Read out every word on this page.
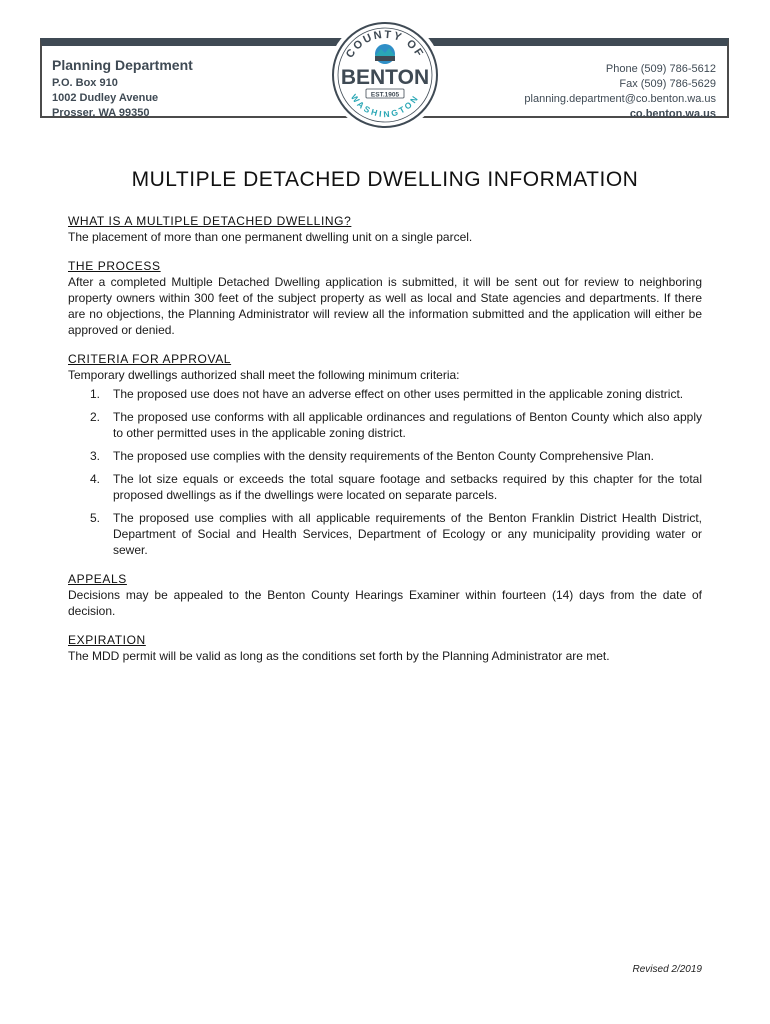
Planning Department
P.O. Box 910
1002 Dudley Avenue
Prosser, WA 99350
Phone (509) 786-5612
Fax (509) 786-5629
planning.department@co.benton.wa.us
co.benton.wa.us
COUNTY OF
BENTON
EST.1905
WASHINGTON
MULTIPLE DETACHED DWELLING INFORMATION

WHAT IS A MULTIPLE DETACHED DWELLING?

The placement of more than one permanent dwelling unit on a single parcel.

THE PROCESS

After a completed Multiple Detached Dwelling application is submitted, it will be sent out for review to neighboring property owners within 300 feet of the subject property as well as local and State agencies and departments. If there are no objections, the Planning Administrator will review all the information submitted and the application will either be approved or denied.

CRITERIA FOR APPROVAL

Temporary dwellings authorized shall meet the following minimum criteria:

1. The proposed use does not have an adverse effect on other uses permitted in the applicable zoning district.
2. The proposed use conforms with all applicable ordinances and regulations of Benton County which also apply to other permitted uses in the applicable zoning district.
3. The proposed use complies with the density requirements of the Benton County Comprehensive Plan.
4. The lot size equals or exceeds the total square footage and setbacks required by this chapter for the total proposed dwellings as if the dwellings were located on separate parcels.
5. The proposed use complies with all applicable requirements of the Benton Franklin District Health District, Department of Social and Health Services, Department of Ecology or any municipality providing water or sewer.

APPEALS

Decisions may be appealed to the Benton County Hearings Examiner within fourteen (14) days from the date of decision.

EXPIRATION

The MDD permit will be valid as long as the conditions set forth by the Planning Administrator are met.

Revised 2/2019
